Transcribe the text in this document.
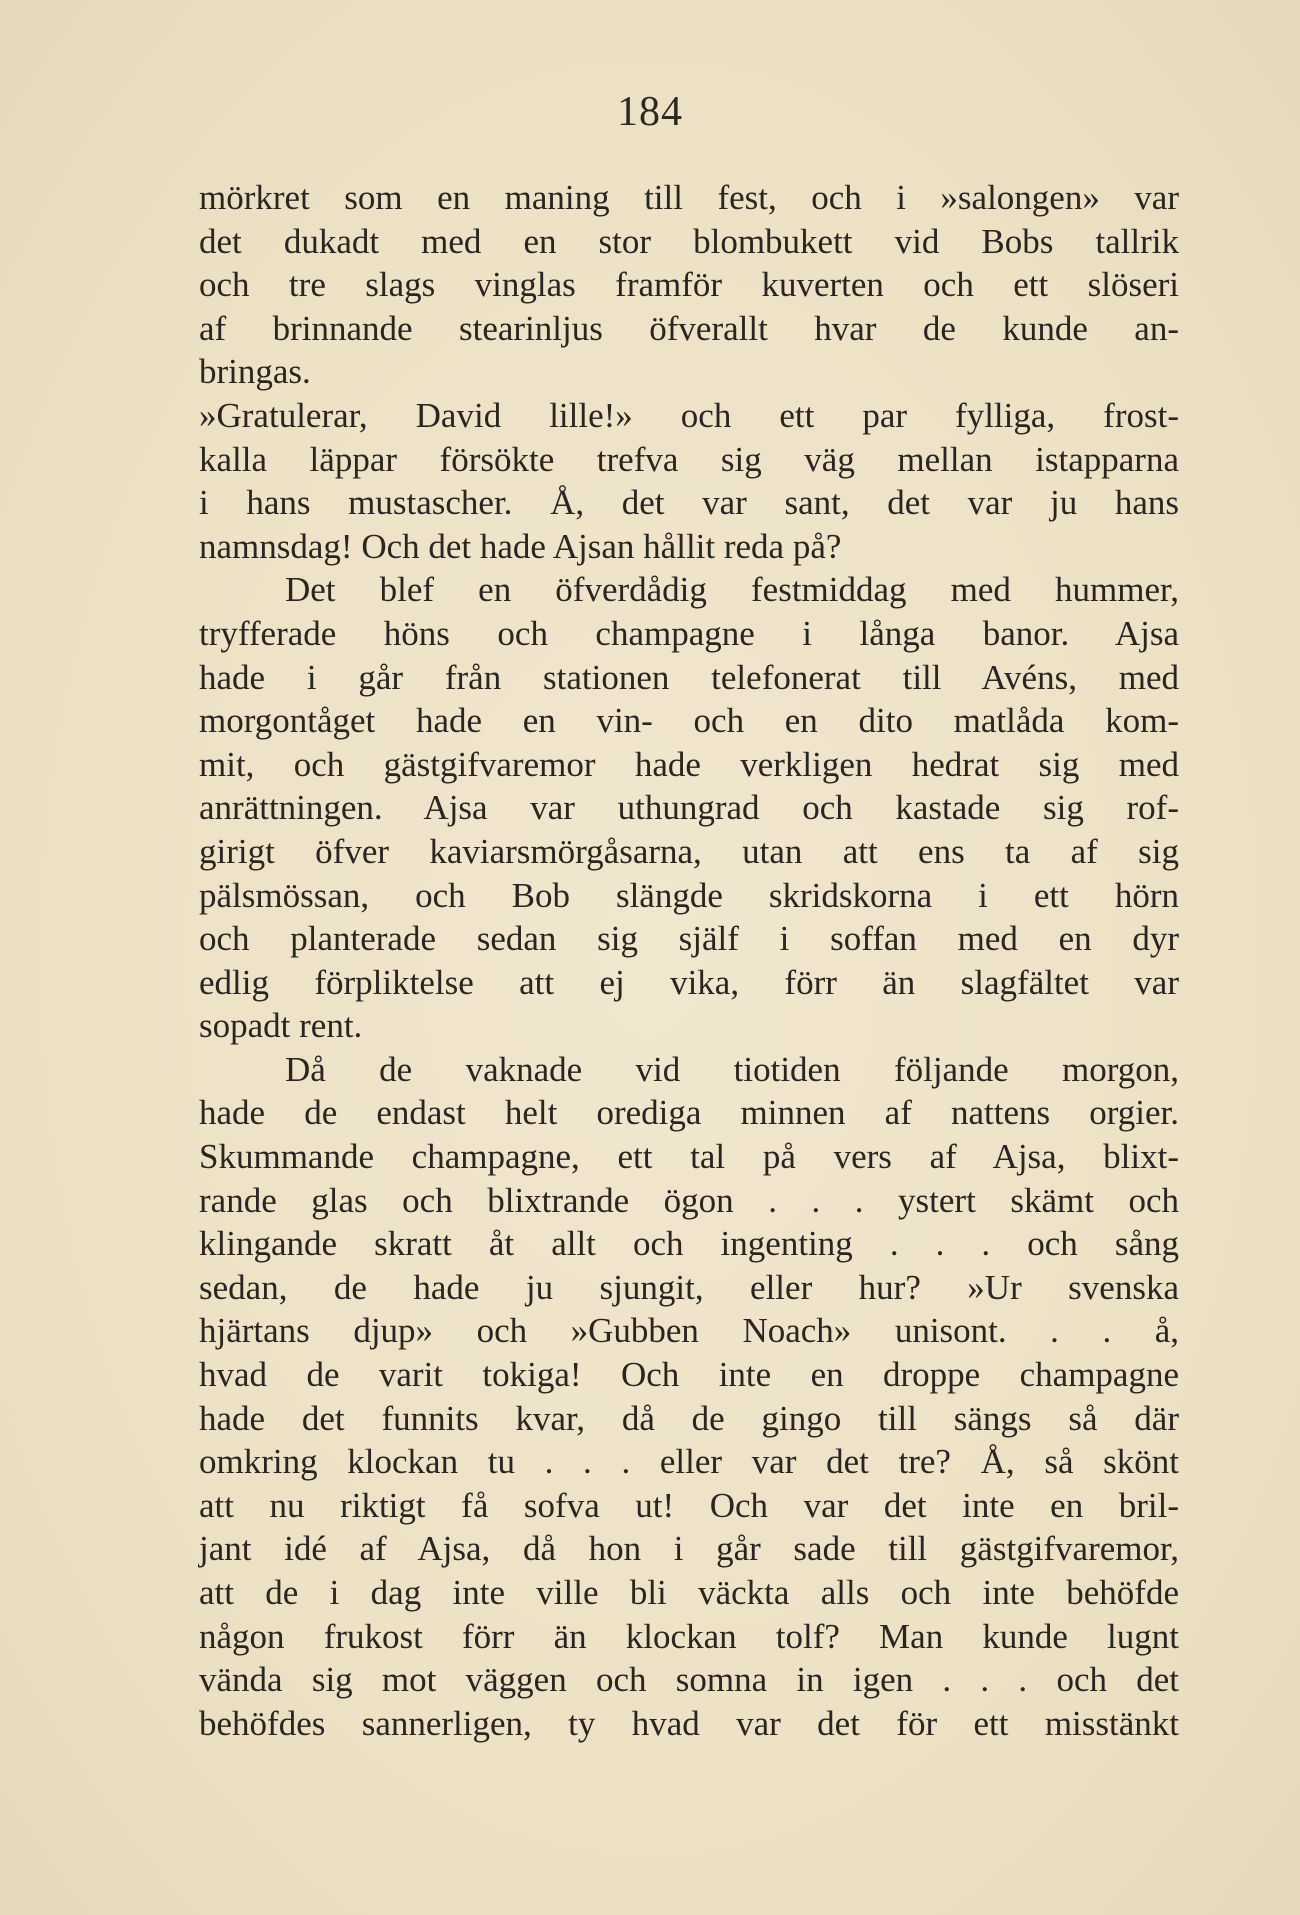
184
mörkret som en maning till fest, och i »salongen» var
det dukadt med en stor blombukett vid Bobs tallrik
och tre slags vinglas framför kuverten och ett slöseri
af brinnande stearinljus öfverallt hvar de kunde an-
bringas.
»Gratulerar, David lille!» och ett par fylliga, frost-
kalla läppar försökte trefva sig väg mellan istapparna
i hans mustascher. Å, det var sant, det var ju hans
namnsdag! Och det hade Ajsan hållit reda på?
Det blef en öfverdådig festmiddag med hummer,
tryfferade höns och champagne i långa banor. Ajsa
hade i går från stationen telefonerat till Avéns, med
morgontåget hade en vin- och en dito matlåda kom-
mit, och gästgifvaremor hade verkligen hedrat sig med
anrättningen. Ajsa var uthungrad och kastade sig rof-
girigt öfver kaviarsmörgåsarna, utan att ens ta af sig
pälsmössan, och Bob slängde skridskorna i ett hörn
och planterade sedan sig själf i soffan med en dyr
edlig förpliktelse att ej vika, förr än slagfältet var
sopadt rent.
Då de vaknade vid tiotiden följande morgon,
hade de endast helt orediga minnen af nattens orgier.
Skummande champagne, ett tal på vers af Ajsa, blixt-
rande glas och blixtrande ögon . . . ystert skämt och
klingande skratt åt allt och ingenting . . . och sång
sedan, de hade ju sjungit, eller hur? »Ur svenska
hjärtans djup» och »Gubben Noach» unisont. . . å,
hvad de varit tokiga! Och inte en droppe champagne
hade det funnits kvar, då de gingo till sängs så där
omkring klockan tu . . . eller var det tre? Å, så skönt
att nu riktigt få sofva ut! Och var det inte en bril-
jant idé af Ajsa, då hon i går sade till gästgifvaremor,
att de i dag inte ville bli väckta alls och inte behöfde
någon frukost förr än klockan tolf? Man kunde lugnt
vända sig mot väggen och somna in igen . . . och det
behöfdes sannerligen, ty hvad var det för ett misstänkt
